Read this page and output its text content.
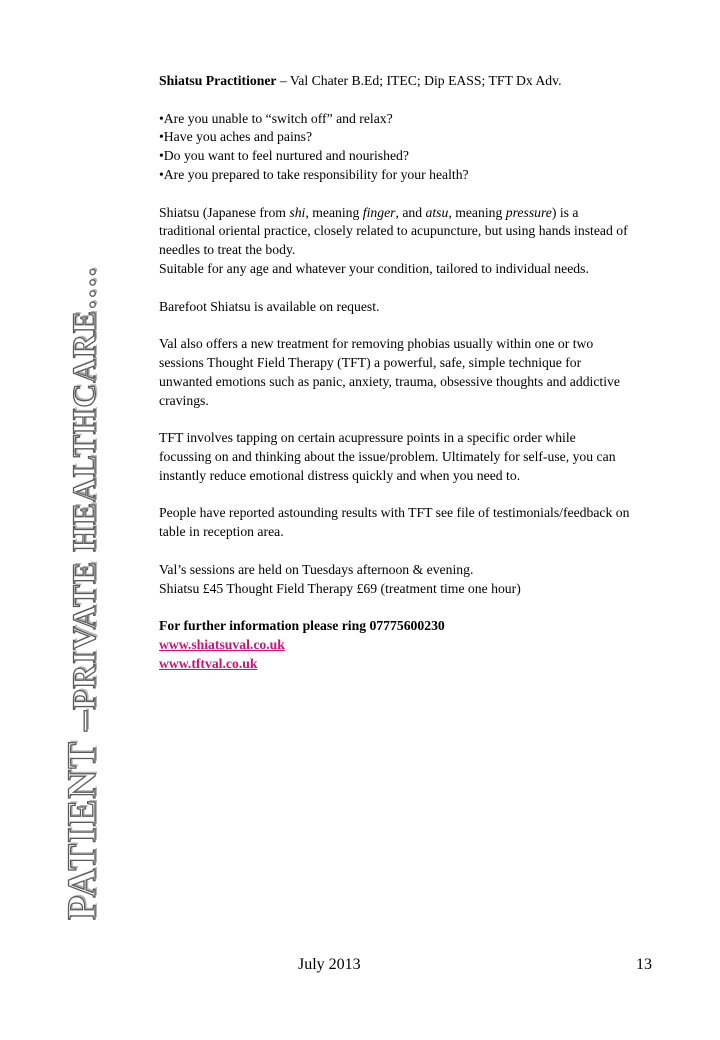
PATIENT –PRIVATE HEALTHCARE….

Shiatsu Practitioner – Val Chater B.Ed; ITEC; Dip EASS; TFT Dx Adv.

•Are you unable to “switch off” and relax?

•Have you aches and pains?

•Do you want to feel nurtured and nourished?

•Are you prepared to take responsibility for your health?

Shiatsu (Japanese from shi, meaning finger, and atsu, meaning pressure) is a traditional oriental practice, closely related to acupuncture, but using hands instead of needles to treat the body.

Suitable for any age and whatever your condition, tailored to individual needs.

Barefoot Shiatsu is available on request.

Val also offers a new treatment for removing phobias usually within one or two sessions Thought Field Therapy (TFT) a powerful, safe, simple technique for unwanted emotions such as panic, anxiety, trauma, obsessive thoughts and addictive cravings.

TFT involves tapping on certain acupressure points in a specific order while focussing on and thinking about the issue/problem. Ultimately for self-use, you can instantly reduce emotional distress quickly and when you need to.

People have reported astounding results with TFT see file of testimonials/feedback on table in reception area.

Val’s sessions are held on Tuesdays afternoon & evening.

Shiatsu £45 Thought Field Therapy £69 (treatment time one hour)

For further information please ring 07775600230

www.shiatsuval.co.uk
www.tftval.co.uk
July 2013	13
